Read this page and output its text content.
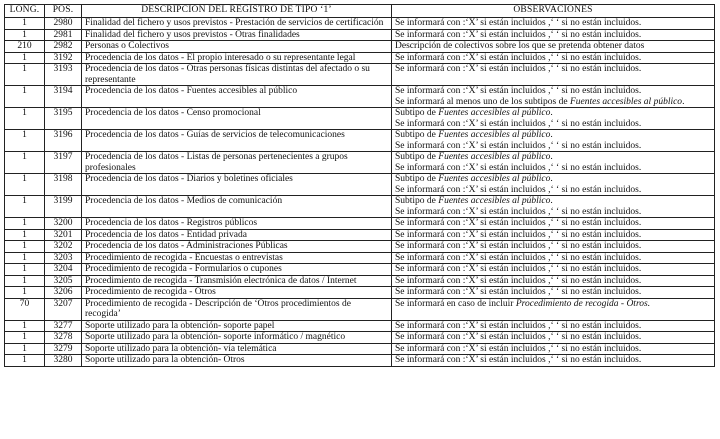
LONG.	POS.	DESCRIPCIÓN DEL REGISTRO DE TIPO ‘1’	OBSERVACIONES
1	2980	Finalidad del fichero y usos previstos - Prestación de servicios de certificación	Se informará con :‘X’ si están incluidos ,‘ ‘ si no están incluidos.

1	2981	Finalidad del fichero y usos previstos - Otras finalidades	Se informará con :‘X’ si están incluidos ,‘ ‘ si no están incluidos.

210	2982	Personas o Colectivos	Descripción de colectivos sobre los que se pretenda obtener datos

1	3192	Procedencia de los datos - El propio interesado o su representante legal	Se informará con :‘X’ si están incluidos ,‘ ‘ si no están incluidos.

1	3193	Procedencia de los datos - Otras personas físicas distintas del afectado o su representante	Se informará con :‘X’ si están incluidos ,‘ ‘ si no están incluidos.

1	3194	Procedencia de los datos - Fuentes accesibles al público	Se informará con :‘X’ si están incluidos ,‘ ‘ si no están incluidos.
Se informará al menos uno de los subtipos de Fuentes accesibles al público.

1	3195	Procedencia de los datos - Censo promocional	Subtipo de Fuentes accesibles al público.
Se informará con :‘X’ si están incluidos ,‘ ‘ si no están incluidos.

1	3196	Procedencia de los datos - Guías de servicios de telecomunicaciones	Subtipo de Fuentes accesibles al público.
Se informará con :‘X’ si están incluidos ,‘ ‘ si no están incluidos.

1	3197	Procedencia de los datos - Listas de personas pertenecientes a grupos profesionales	Subtipo de Fuentes accesibles al público.
Se informará con :‘X’ si están incluidos ,‘ ‘ si no están incluidos.

1	3198	Procedencia de los datos - Diarios y boletines oficiales	Subtipo de Fuentes accesibles al público.
Se informará con :‘X’ si están incluidos ,‘ ‘ si no están incluidos.

1	3199	Procedencia de los datos - Medios de comunicación	Subtipo de Fuentes accesibles al público.
Se informará con :‘X’ si están incluidos ,‘ ‘ si no están incluidos.

1	3200	Procedencia de los datos - Registros públicos	Se informará con :‘X’ si están incluidos ,‘ ‘ si no están incluidos.

1	3201	Procedencia de los datos - Entidad privada	Se informará con :‘X’ si están incluidos ,‘ ‘ si no están incluidos.

1	3202	Procedencia de los datos - Administraciones Públicas	Se informará con :‘X’ si están incluidos ,‘ ‘ si no están incluidos.

1	3203	Procedimiento de recogida - Encuestas o entrevistas	Se informará con :‘X’ si están incluidos ,‘ ‘ si no están incluidos.

1	3204	Procedimiento de recogida - Formularios o cupones	Se informará con :‘X’ si están incluidos ,‘ ‘ si no están incluidos.

1	3205	Procedimiento de recogida - Transmisión electrónica de datos / Internet	Se informará con :‘X’ si están incluidos ,‘ ‘ si no están incluidos.

1	3206	Procedimiento de recogida - Otros	Se informará con :‘X’ si están incluidos ,‘ ‘ si no están incluidos.

70	3207	Procedimiento de recogida - Descripción de ‘Otros procedimientos de recogida’	Se informará en caso de incluir Procedimiento de recogida - Otros.

1	3277	Soporte utilizado para la obtención- soporte papel	Se informará con :‘X’ si están incluidos ,‘ ‘ si no están incluidos.

1	3278	Soporte utilizado para la obtención- soporte informático / magnético	Se informará con :‘X’ si están incluidos ,‘ ‘ si no están incluidos.

1	3279	Soporte utilizado para la obtención- vía telemática	Se informará con :‘X’ si están incluidos ,‘ ‘ si no están incluidos.

1	3280	Soporte utilizado para la obtención- Otros	Se informará con :‘X’ si están incluidos ,‘ ‘ si no están incluidos.
